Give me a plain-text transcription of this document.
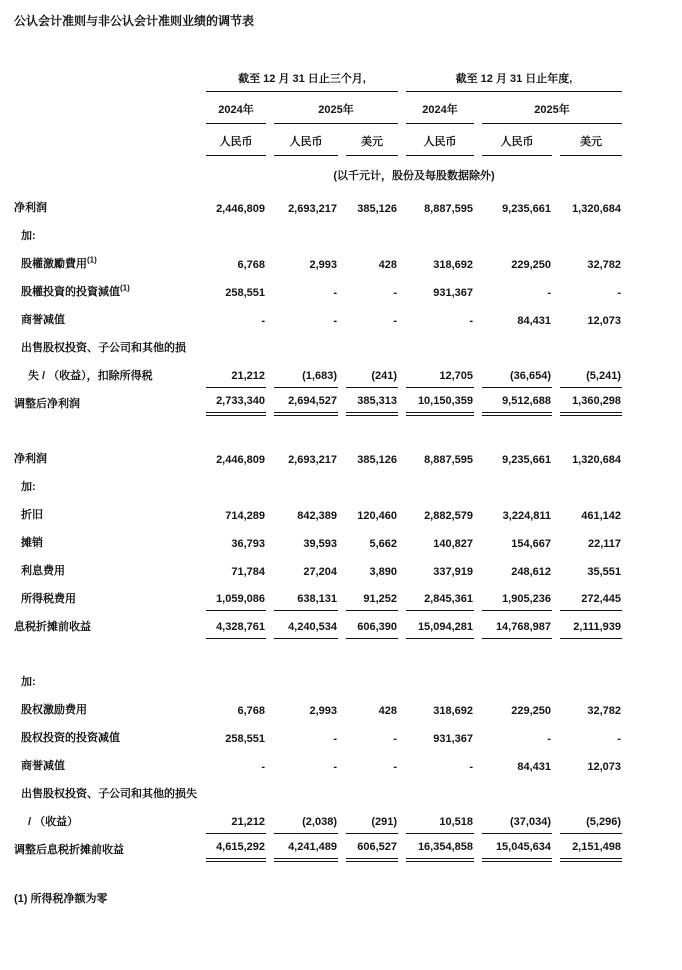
公认会计准则与非公认会计准则业绩的调节表
	截至 12 月 31 日止三个月,			截至 12 月 31 日止年度,		
	2024年	2025年		2024年	2025年	
	人民币	人民币	美元	人民币	人民币	美元
	(以千元计，股份及每股数据除外)					
净利润	2,446,809	2,693,217	385,126	8,887,595	9,235,661	1,320,684
加:						
股權激勵費用$^{(1)}$	6,768	2,993	428	318,692	229,250	32,782
股權投資的投資減值$^{(1)}$	258,551	-	-	931,367	-	-
商誉减值	-	-	-	-	84,431	12,073
出售股权投资、子公司和其他的损						
失 / （收益），扣除所得税	21,212	(1,683)	(241)	12,705	(36,654)	(5,241)
调整后净利润	2,733,340	2,694,527	385,313	10,150,359	9,512,688	1,360,298
净利润	2,446,809	2,693,217	385,126	8,887,595	9,235,661	1,320,684
加:						
折旧	714,289	842,389	120,460	2,882,579	3,224,811	461,142
摊销	36,793	39,593	5,662	140,827	154,667	22,117
利息费用	71,784	27,204	3,890	337,919	248,612	35,551
所得税费用	1,059,086	638,131	91,252	2,845,361	1,905,236	272,445
息税折摊前收益	4,328,761	4,240,534	606,390	15,094,281	14,768,987	2,111,939
加:						
股权激励费用	6,768	2,993	428	318,692	229,250	32,782
股权投资的投资减值	258,551	-	-	931,367	-	-
商誉减值	-	-	-	-	84,431	12,073
出售股权投资、子公司和其他的损失						
/ （收益）	21,212	(2,038)	(291)	10,518	(37,034)	(5,296)
调整后息税折摊前收益	4,615,292	4,241,489	606,527	16,354,858	15,045,634	2,151,498

(1) 所得税净额为零
